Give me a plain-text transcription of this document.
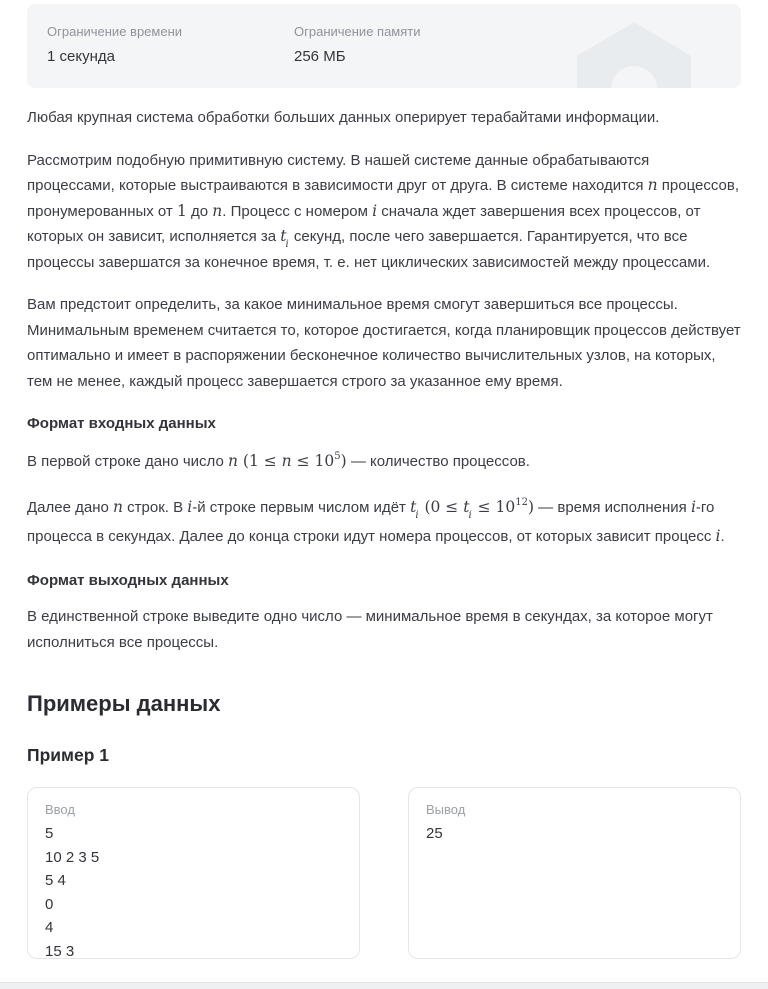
Ограничение времени
1 секунда
Ограничение памяти
256 МБ

Любая крупная система обработки больших данных оперирует терабайтами информации.

Рассмотрим подобную примитивную систему. В нашей системе данные обрабатываются процессами, которые выстраиваются в зависимости друг от друга. В системе находится n процессов, пронумерованных от 1 до n. Процесс с номером i сначала ждет завершения всех процессов, от которых он зависит, исполняется за $t_i$ секунд, после чего завершается. Гарантируется, что все процессы завершатся за конечное время, т. е. нет циклических зависимостей между процессами.

Вам предстоит определить, за какое минимальное время смогут завершиться все процессы. Минимальным временем считается то, которое достигается, когда планировщик процессов действует оптимально и имеет в распоряжении бесконечное количество вычислительных узлов, на которых, тем не менее, каждый процесс завершается строго за указанное ему время.

Формат входных данных

В первой строке дано число n $(1 \le n \le 10^5)$ — количество процессов.

Далее дано n строк. В i-й строке первым числом идёт $t_i$ $(0 \le t_i \le 10^{12})$ — время исполнения i-го процесса в секундах. Далее до конца строки идут номера процессов, от которых зависит процесс i.

Формат выходных данных

В единственной строке выведите одно число — минимальное время в секундах, за которое могут исполниться все процессы.

Примеры данных
Пример 1
Ввод
5
10 2 3 5
5 4
0
4
15 3
Вывод
25
